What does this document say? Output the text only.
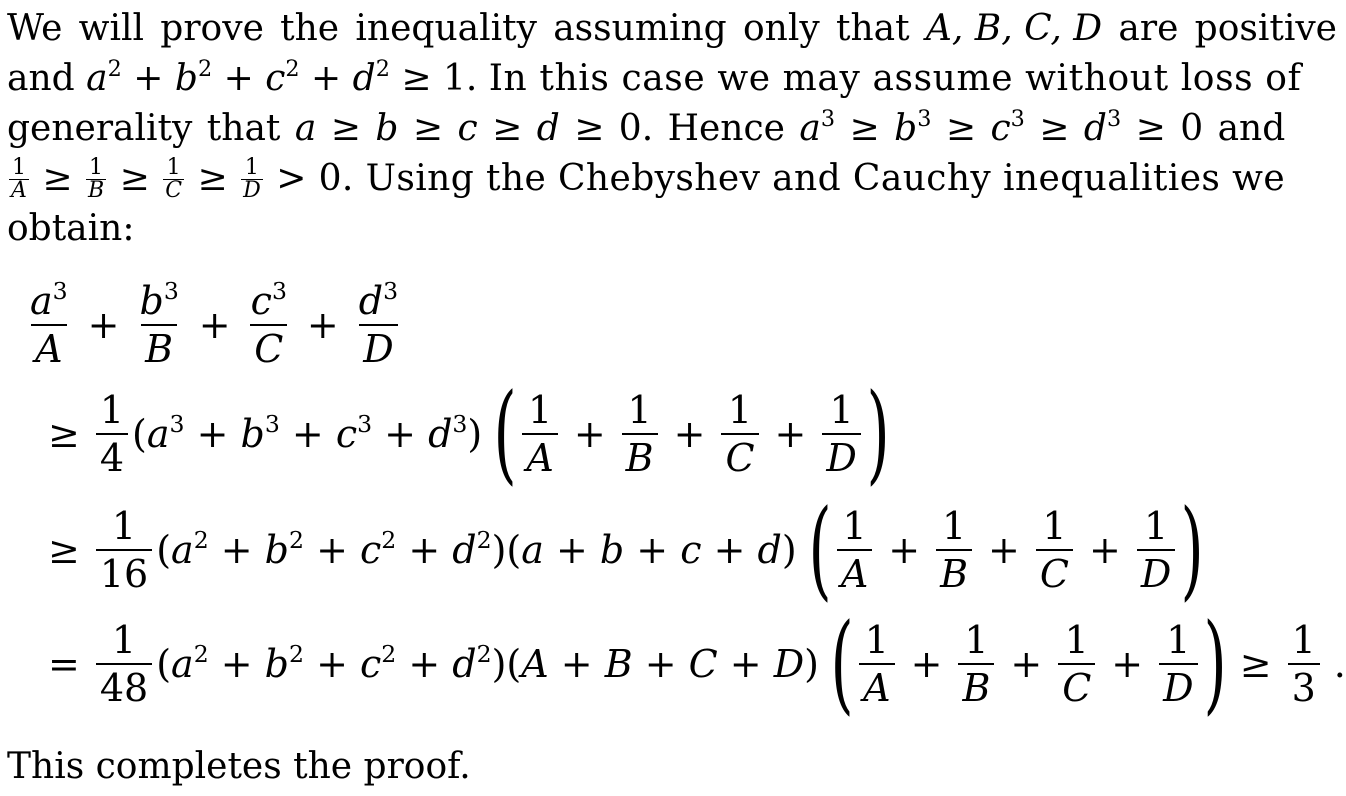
We will prove the inequality assuming only that A, B, C, D are positive
and $a^2 + b^2 + c^2 + d^2 \ge 1$. In this case we may assume without loss of
generality that a ≥ b ≥ c ≥ d ≥ 0. Hence $a^3 \ge b^3 \ge c^3 \ge d^3 \ge 0$ and
$\frac{1}{A} \ge \frac{1}{B} \ge \frac{1}{C} \ge \frac{1}{D} > 0$. Using the Chebyshev and Cauchy inequalities we
obtain:
$\frac{a^3}{A} + \frac{b^3}{B} + \frac{c^3}{C} + \frac{d^3}{D}$
≥ $\frac{1}{4} (a^3 + b^3 + c^3 + d^3)$ ( $\frac{1}{A} + \frac{1}{B} + \frac{1}{C} + \frac{1}{D}$ )
≥ $\frac{1}{16} (a^2 + b^2 + c^2 + d^2)(a + b + c + d)$ ( $\frac{1}{A} + \frac{1}{B} + \frac{1}{C} + \frac{1}{D}$ )
= $\frac{1}{48} (a^2 + b^2 + c^2 + d^2)(A + B + C + D)$ ( $\frac{1}{A} + \frac{1}{B} + \frac{1}{C} + \frac{1}{D}$ ) ≥ $\frac{1}{3}$ .
This completes the proof.
